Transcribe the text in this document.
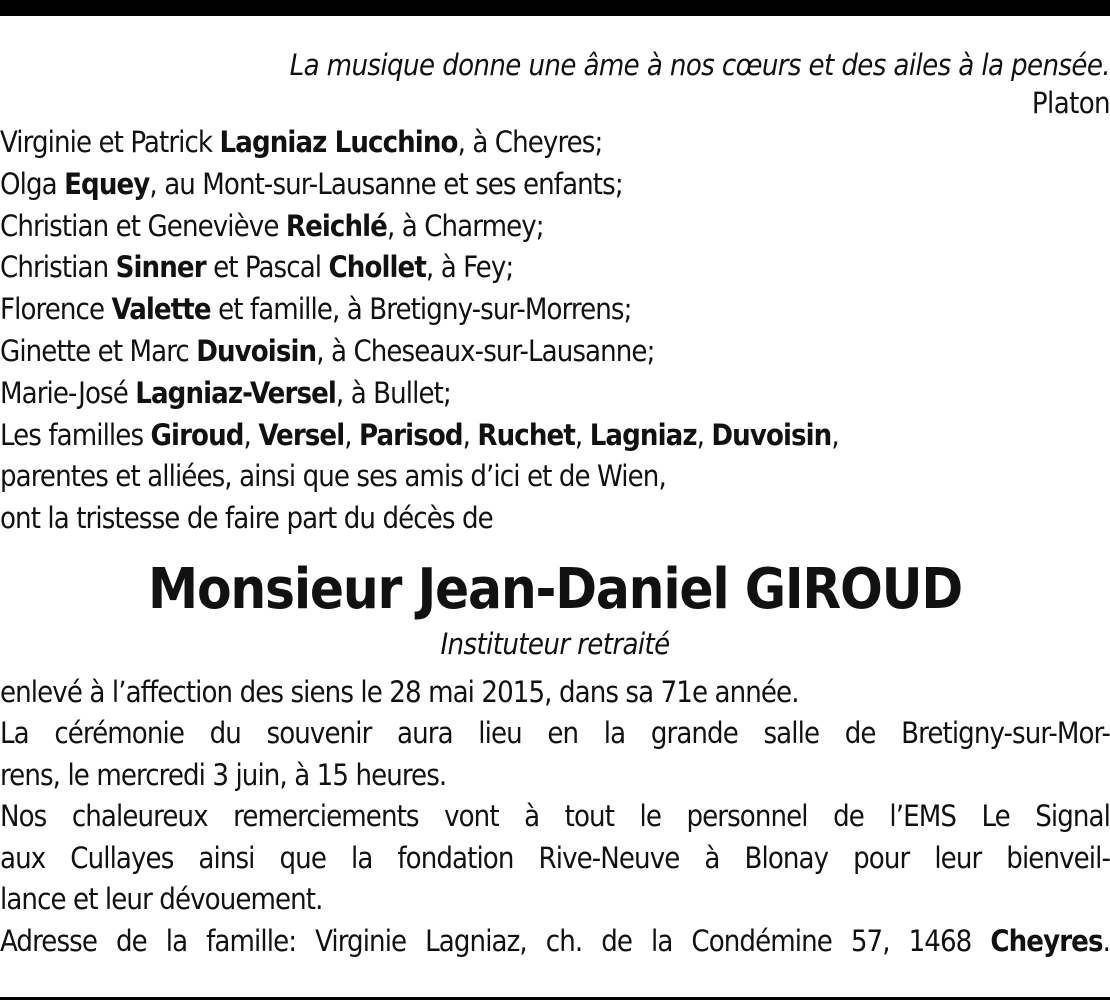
La musique donne une âme à nos cœurs et des ailes à la pensée.
Platon
Virginie et Patrick Lagniaz Lucchino, à Cheyres;
Olga Equey, au Mont-sur-Lausanne et ses enfants;
Christian et Geneviève Reichlé, à Charmey;
Christian Sinner et Pascal Chollet, à Fey;
Florence Valette et famille, à Bretigny-sur-Morrens;
Ginette et Marc Duvoisin, à Cheseaux-sur-Lausanne;
Marie-José Lagniaz-Versel, à Bullet;
Les familles Giroud, Versel, Parisod, Ruchet, Lagniaz, Duvoisin,
parentes et alliées, ainsi que ses amis d’ici et de Wien,
ont la tristesse de faire part du décès de
Monsieur Jean-Daniel GIROUD
Instituteur retraité
enlevé à l’affection des siens le 28 mai 2015, dans sa 71e année.
La cérémonie du souvenir aura lieu en la grande salle de Bretigny-sur-Mor-
rens, le mercredi 3 juin, à 15 heures.
Nos chaleureux remerciements vont à tout le personnel de l’EMS Le Signal
aux Cullayes ainsi que la fondation Rive-Neuve à Blonay pour leur bienveil-
lance et leur dévouement.
Adresse de la famille: Virginie Lagniaz, ch. de la Condémine 57, 1468 Cheyres.
